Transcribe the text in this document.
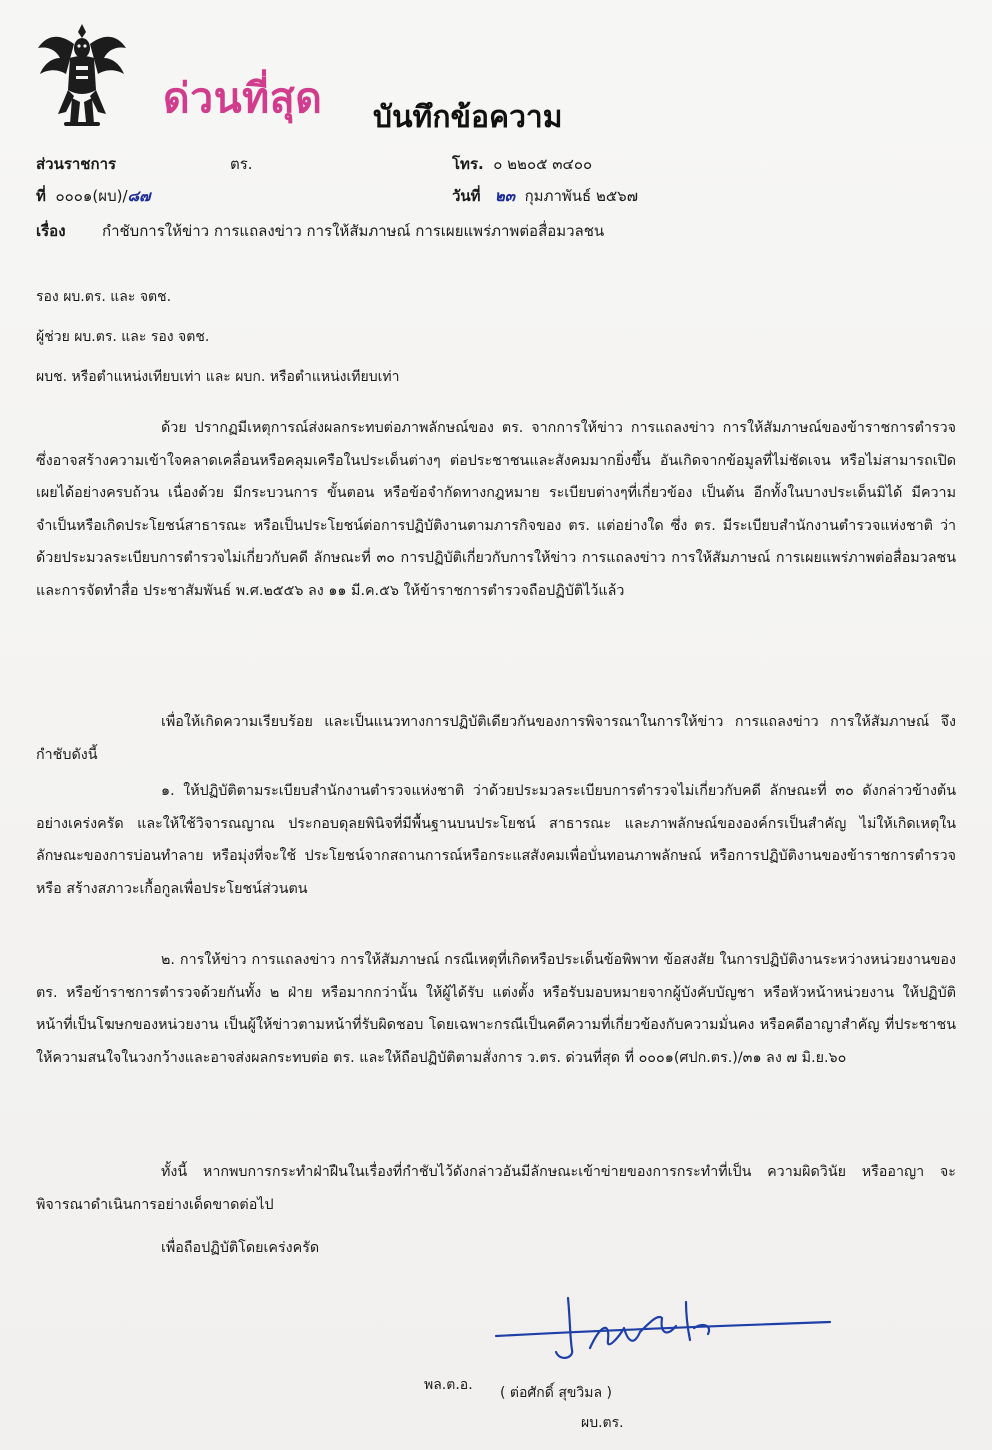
ด่วนที่สุด บันทึกข้อความ
ส่วนราชการ	ตร.	โทร. ๐ ๒๒๐๕ ๓๔๐๐
ที่ ๐๐๐๑(ผบ)/๘๗	วันที่ ๒๓ กุมภาพันธ์ ๒๕๖๗
เรื่อง กำชับการให้ข่าว การแถลงข่าว การให้สัมภาษณ์ การเผยแพร่ภาพต่อสื่อมวลชน
รอง ผบ.ตร. และ จตช.
ผู้ช่วย ผบ.ตร. และ รอง จตช.
ผบช. หรือตำแหน่งเทียบเท่า และ ผบก. หรือตำแหน่งเทียบเท่า

ด้วย ปรากฏมีเหตุการณ์ส่งผลกระทบต่อภาพลักษณ์ของ ตร. จากการให้ข่าว การแถลงข่าว การให้สัมภาษณ์ของข้าราชการตำรวจ ซึ่งอาจสร้างความเข้าใจคลาดเคลื่อนหรือคลุมเครือในประเด็นต่างๆ ต่อประชาชนและสังคมมากยิ่งขึ้น อันเกิดจากข้อมูลที่ไม่ชัดเจน หรือไม่สามารถเปิดเผยได้อย่างครบถ้วน เนื่องด้วย มีกระบวนการ ขั้นตอน หรือข้อจำกัดทางกฎหมาย ระเบียบต่างๆที่เกี่ยวข้อง เป็นต้น อีกทั้งในบางประเด็นมิได้ มีความจำเป็นหรือเกิดประโยชน์สาธารณะ หรือเป็นประโยชน์ต่อการปฏิบัติงานตามภารกิจของ ตร. แต่อย่างใด ซึ่ง ตร. มีระเบียบสำนักงานตำรวจแห่งชาติ ว่าด้วยประมวลระเบียบการตำรวจไม่เกี่ยวกับคดี ลักษณะที่ ๓๐ การปฏิบัติเกี่ยวกับการให้ข่าว การแถลงข่าว การให้สัมภาษณ์ การเผยแพร่ภาพต่อสื่อมวลชน และการจัดทำสื่อ ประชาสัมพันธ์ พ.ศ.๒๕๕๖ ลง ๑๑ มี.ค.๕๖ ให้ข้าราชการตำรวจถือปฏิบัติไว้แล้ว

เพื่อให้เกิดความเรียบร้อย และเป็นแนวทางการปฏิบัติเดียวกันของการพิจารณาในการให้ข่าว การแถลงข่าว การให้สัมภาษณ์ จึงกำชับดังนี้

๑. ให้ปฏิบัติตามระเบียบสำนักงานตำรวจแห่งชาติ ว่าด้วยประมวลระเบียบการตำรวจไม่เกี่ยวกับคดี ลักษณะที่ ๓๐ ดังกล่าวข้างต้นอย่างเคร่งครัด และให้ใช้วิจารณญาณ ประกอบดุลยพินิจที่มีพื้นฐานบนประโยชน์ สาธารณะ และภาพลักษณ์ขององค์กรเป็นสำคัญ ไม่ให้เกิดเหตุในลักษณะของการบ่อนทำลาย หรือมุ่งที่จะใช้ ประโยชน์จากสถานการณ์หรือกระแสสังคมเพื่อบั่นทอนภาพลักษณ์ หรือการปฏิบัติงานของข้าราชการตำรวจ หรือ สร้างสภาวะเกื้อกูลเพื่อประโยชน์ส่วนตน

๒. การให้ข่าว การแถลงข่าว การให้สัมภาษณ์ กรณีเหตุที่เกิดหรือประเด็นข้อพิพาท ข้อสงสัย ในการปฏิบัติงานระหว่างหน่วยงานของ ตร. หรือข้าราชการตำรวจด้วยกันทั้ง ๒ ฝ่าย หรือมากกว่านั้น ให้ผู้ได้รับ แต่งตั้ง หรือรับมอบหมายจากผู้บังคับบัญชา หรือหัวหน้าหน่วยงาน ให้ปฏิบัติหน้าที่เป็นโฆษกของหน่วยงาน เป็นผู้ให้ข่าวตามหน้าที่รับผิดชอบ โดยเฉพาะกรณีเป็นคดีความที่เกี่ยวข้องกับความมั่นคง หรือคดีอาญาสำคัญ ที่ประชาชนให้ความสนใจในวงกว้างและอาจส่งผลกระทบต่อ ตร. และให้ถือปฏิบัติตามสั่งการ ว.ตร. ด่วนที่สุด ที่ ๐๐๐๑(ศปก.ตร.)/๓๑ ลง ๗ มิ.ย.๖๐

ทั้งนี้ หากพบการกระทำฝ่าฝืนในเรื่องที่กำชับไว้ดังกล่าวอันมีลักษณะเข้าข่ายของการกระทำที่เป็น ความผิดวินัย หรืออาญา จะพิจารณาดำเนินการอย่างเด็ดขาดต่อไป

เพื่อถือปฏิบัติโดยเคร่งครัด

พล.ต.อ. ( ต่อศักดิ์ สุขวิมล )
ผบ.ตร.
